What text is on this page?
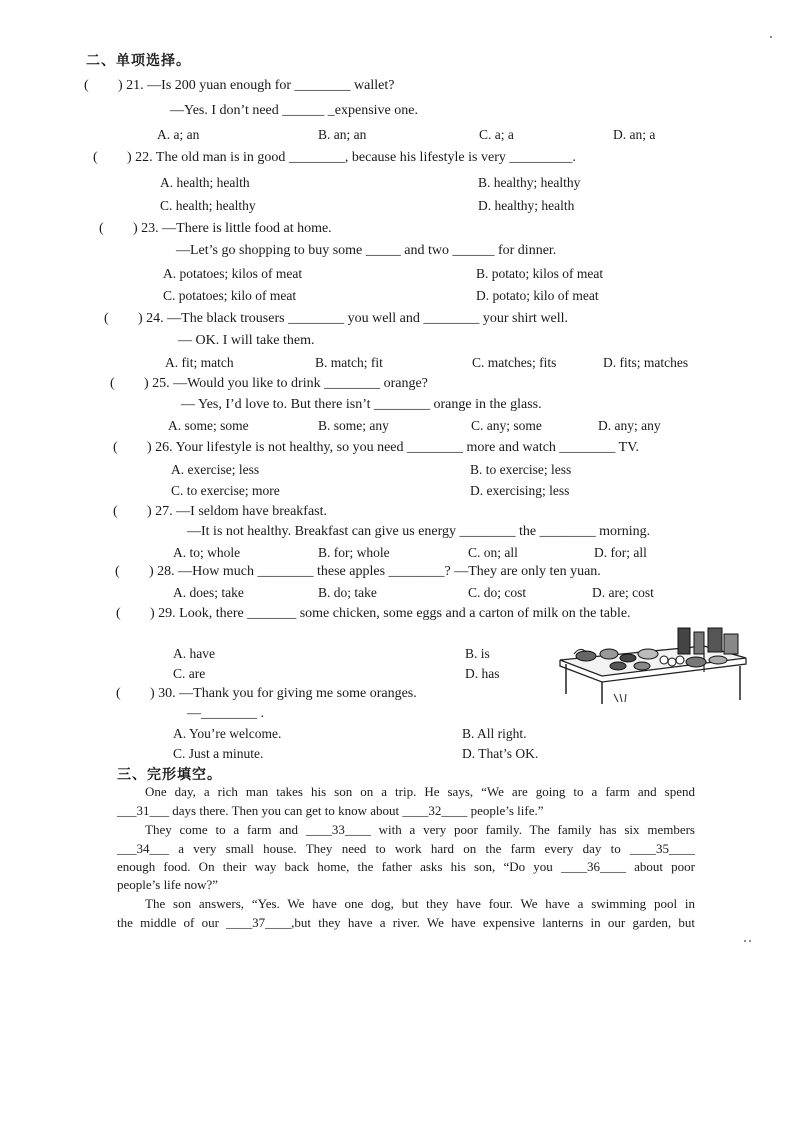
二、单项选择。
( ) 21. —Is 200 yuan enough for ________ wallet?
—Yes. I don’t need ______ _expensive one.
A. a; an	B. an; an	C. a; a	D. an; a
( ) 22. The old man is in good ________, because his lifestyle is very _________.
A. health; health	B. healthy; healthy
C. health; healthy	D. healthy; health
( ) 23. —There is little food at home.
—Let’s go shopping to buy some _____ and two ______ for dinner.
A. potatoes; kilos of meat	B. potato; kilos of meat
C. potatoes; kilo of meat	D. potato; kilo of meat
( ) 24. —The black trousers ________ you well and ________ your shirt well.
— OK. I will take them.
A. fit; match	B. match; fit	C. matches; fits	D. fits; matches
( ) 25. —Would you like to drink ________ orange?
— Yes, I’d love to. But there isn’t ________ orange in the glass.
A. some; some	B. some; any	C. any; some	D. any; any
( ) 26. Your lifestyle is not healthy, so you need ________ more and watch ________ TV.
A. exercise; less	B. to exercise; less
C. to exercise; more	D. exercising; less
( ) 27. —I seldom have breakfast.
—It is not healthy. Breakfast can give us energy ________ the ________ morning.
A. to; whole	B. for; whole	C. on; all	D. for; all
( ) 28. —How much ________ these apples ________? —They are only ten yuan.
A. does; take	B. do; take	C. do; cost	D. are; cost
( ) 29. Look, there _______ some chicken, some eggs and a carton of milk on the table.
A. have	B. is
C. are	D. has
( ) 30. —Thank you for giving me some oranges.
—________ .
A. You’re welcome.	B. All right.
C. Just a minute.	D. That’s OK.
三、完形填空。
One day, a rich man takes his son on a trip. He says, “We are going to a farm and spend
___31___ days there. Then you can get to know about ____32____ people’s life.”
They come to a farm and ____33____ with a very poor family. The family has six members
___34___ a very small house. They need to work hard on the farm every day to ____35____
enough food. On their way back home, the father asks his son, “Do you ____36____ about poor
people’s life now?”
The son answers, “Yes. We have one dog, but they have four. We have a swimming pool in
the middle of our ____37____,but they have a river. We have expensive lanterns in our garden, but
